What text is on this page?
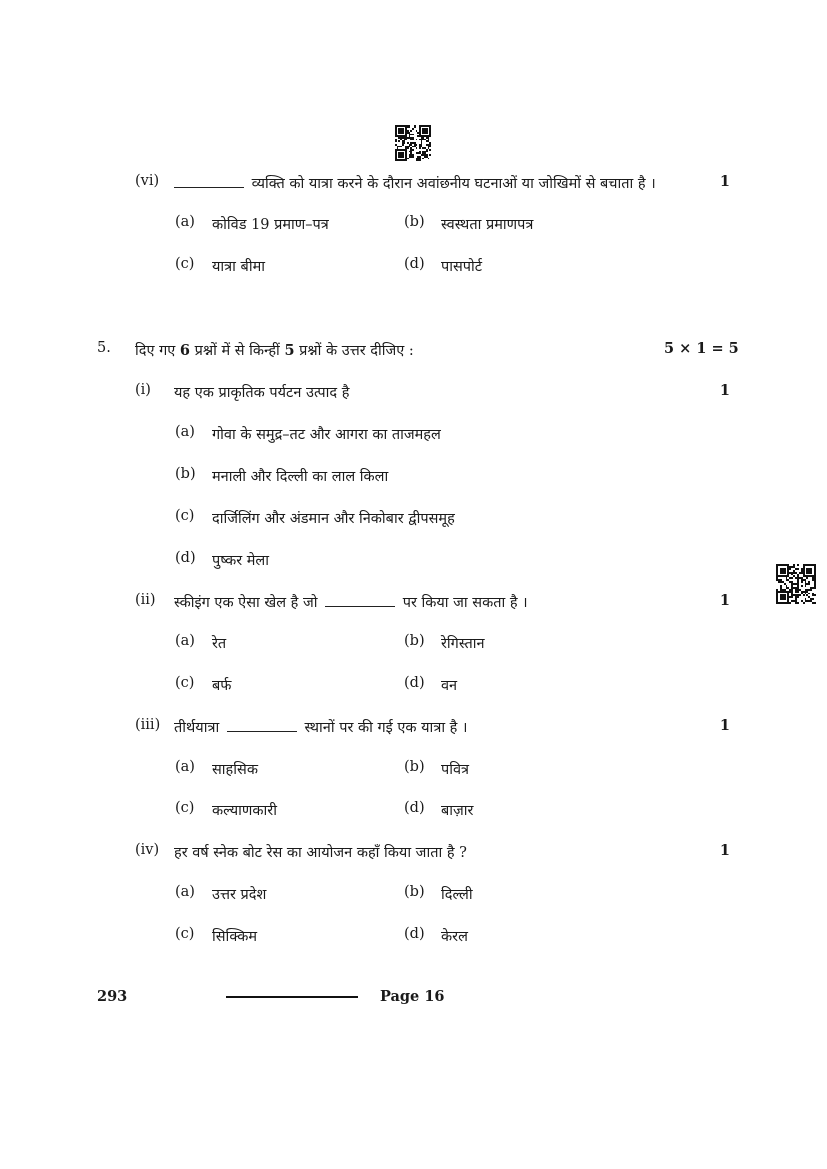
(vi)	व्यक्ति को यात्रा करने के दौरान अवांछनीय घटनाओं या जोखिमों से बचाता है ।	1
(a) कोविड 19 प्रमाण–पत्र	(b) स्वस्थता प्रमाणपत्र
(c) यात्रा बीमा	(d) पासपोर्ट
5. दिए गए 6 प्रश्नों में से किन्हीं 5 प्रश्नों के उत्तर दीजिए :	5 × 1 = 5
(i) यह एक प्राकृतिक पर्यटन उत्पाद है	1
(a) गोवा के समुद्र–तट और आगरा का ताजमहल
(b) मनाली और दिल्ली का लाल किला
(c) दार्जिलिंग और अंडमान और निकोबार द्वीपसमूह
(d) पुष्कर मेला
(ii) स्कीइंग एक ऐसा खेल है जो	पर किया जा सकता है ।	1
(a) रेत	(b) रेगिस्तान
(c) बर्फ	(d) वन
(iii) तीर्थयात्रा	स्थानों पर की गई एक यात्रा है ।	1
(a) साहसिक	(b) पवित्र
(c) कल्याणकारी	(d) बाज़ार
(iv) हर वर्ष स्नेक बोट रेस का आयोजन कहाँ किया जाता है ?	1
(a) उत्तर प्रदेश	(b) दिल्ली
(c) सिक्किम	(d) केरल
293	Page 16
